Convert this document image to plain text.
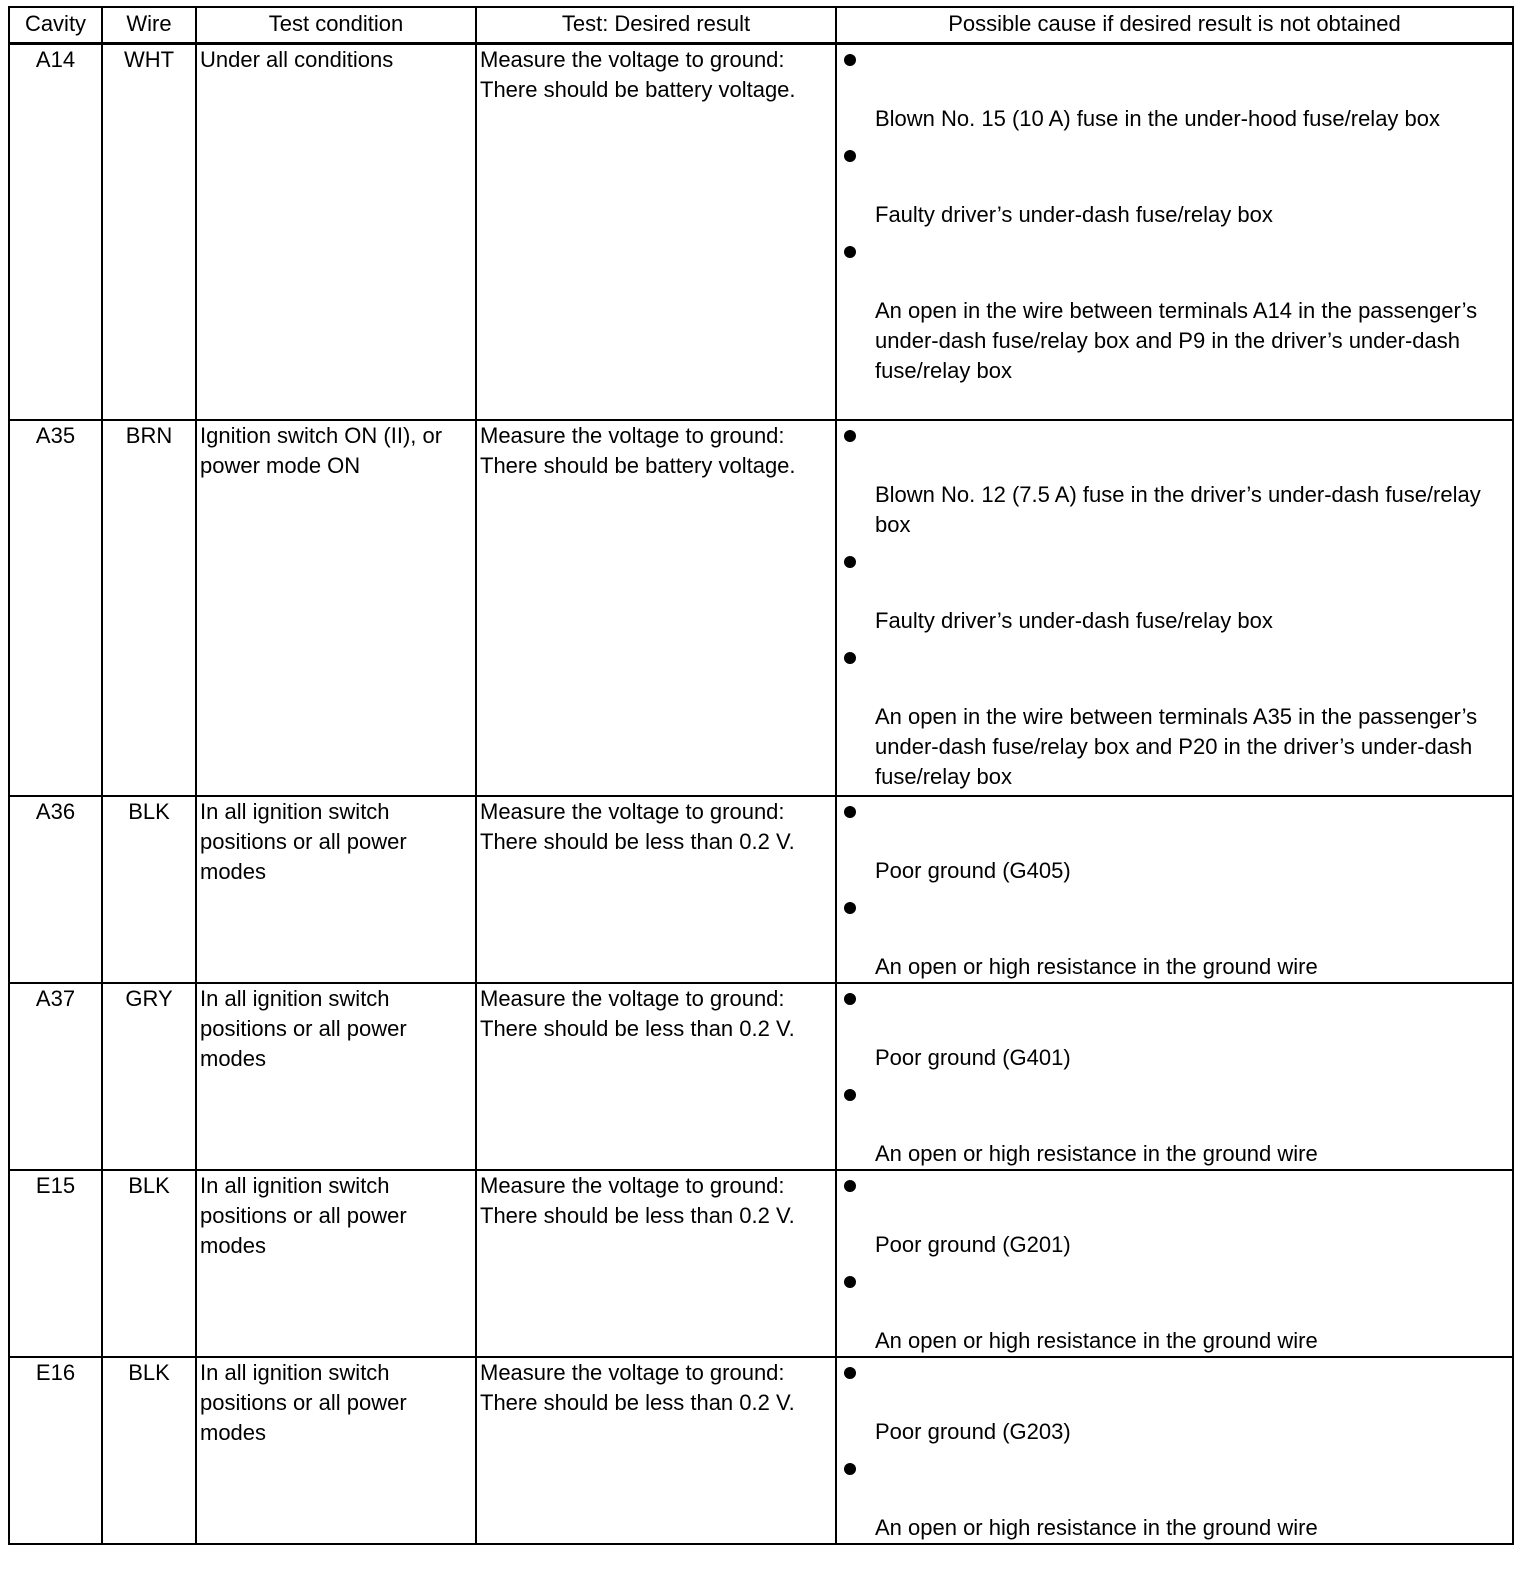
Cavity	Wire	Test condition	Test: Desired result	Possible cause if desired result is not obtained
A14	WHT	Under all conditions	Measure the voltage to ground: There should be battery voltage.	Blown No. 15 (10 A) fuse in the under-hood fuse/relay box
Faulty driver’s under-dash fuse/relay box
An open in the wire between terminals A14 in the passenger’s under-dash fuse/relay box and P9 in the driver’s under-dash fuse/relay box

A35	BRN	Ignition switch ON (II), or power mode ON	Measure the voltage to ground: There should be battery voltage.	Blown No. 12 (7.5 A) fuse in the driver’s under-dash fuse/relay box
Faulty driver’s under-dash fuse/relay box
An open in the wire between terminals A35 in the passenger’s under-dash fuse/relay box and P20 in the driver’s under-dash fuse/relay box

A36	BLK	In all ignition switch positions or all power modes	Measure the voltage to ground: There should be less than 0.2 V.	Poor ground (G405)
An open or high resistance in the ground wire

A37	GRY	In all ignition switch positions or all power modes	Measure the voltage to ground: There should be less than 0.2 V.	Poor ground (G401)
An open or high resistance in the ground wire

E15	BLK	In all ignition switch positions or all power modes	Measure the voltage to ground: There should be less than 0.2 V.	Poor ground (G201)
An open or high resistance in the ground wire

E16	BLK	In all ignition switch positions or all power modes	Measure the voltage to ground: There should be less than 0.2 V.	Poor ground (G203)
An open or high resistance in the ground wire
